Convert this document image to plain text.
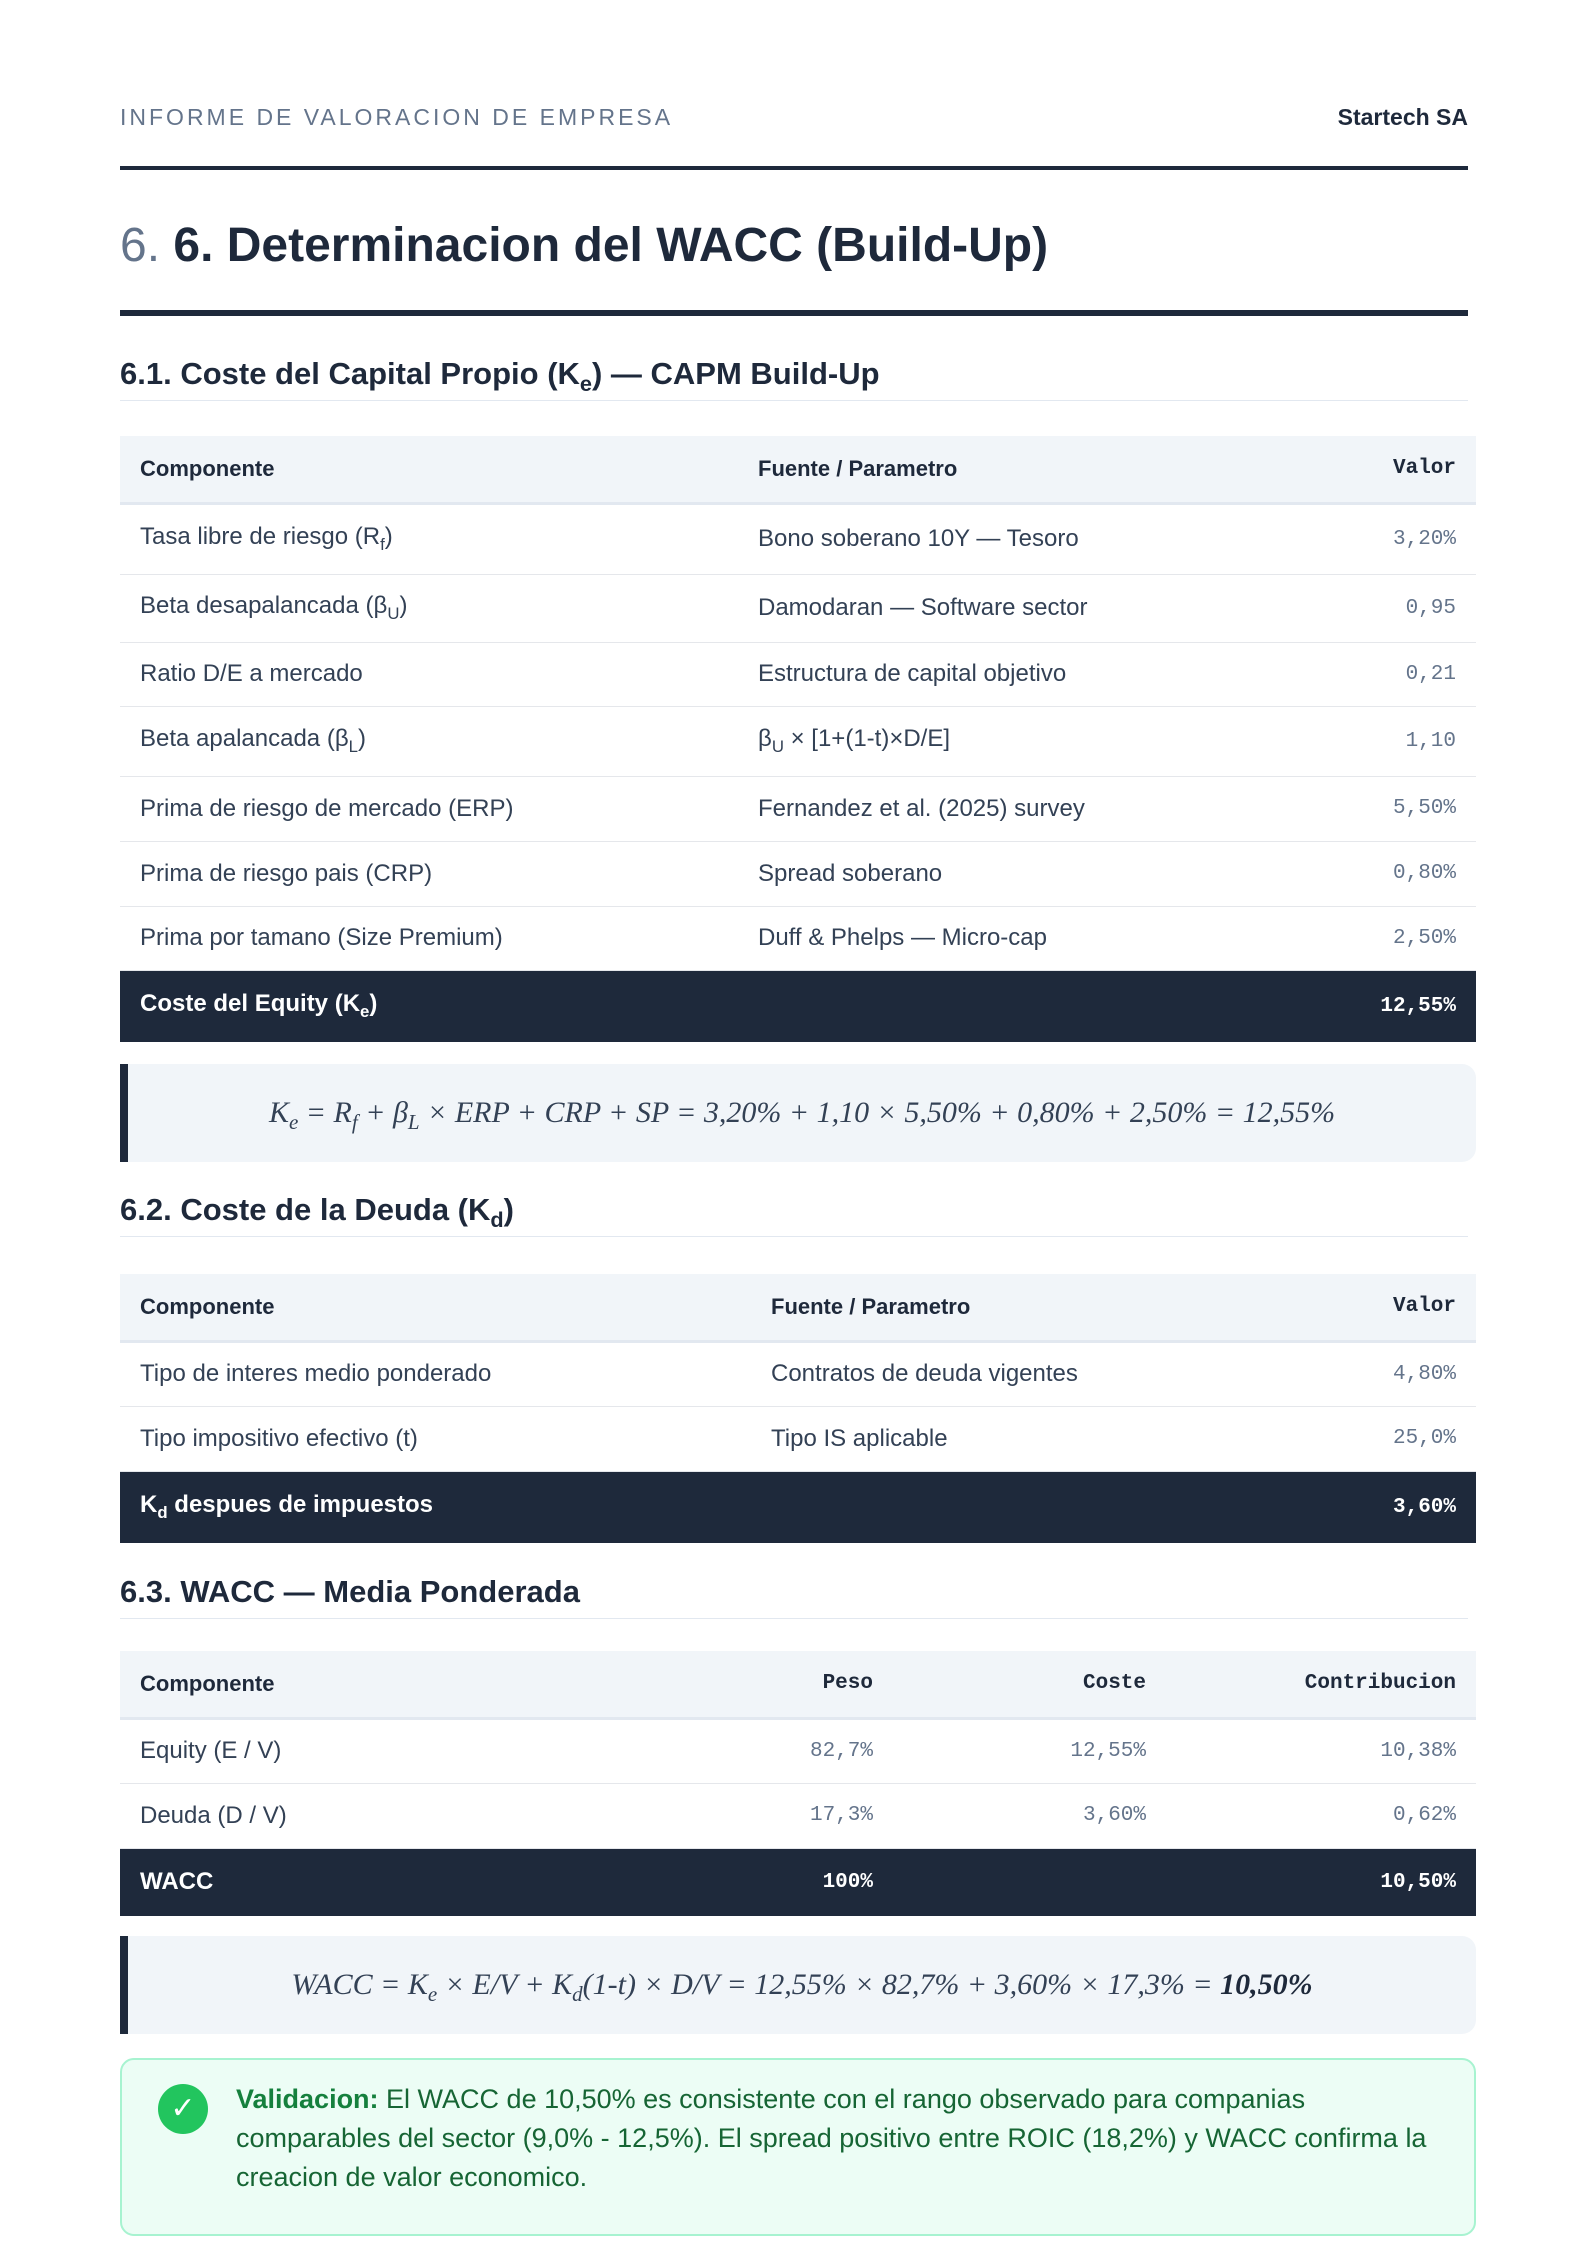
INFORME DE VALORACION DE EMPRESA	Startech SA
6. 6. Determinacion del WACC (Build-Up)
6.1. Coste del Capital Propio $(K_e)$ — CAPM Build-Up
Componente	Fuente / Parametro	Valor
Tasa libre de riesgo $(R_f)$	Bono soberano 10Y — Tesoro	3,20%
Beta desapalancada $(\beta_U)$	Damodaran — Software sector	0,95
Ratio D/E a mercado	Estructura de capital objetivo	0,21
Beta apalancada $(\beta_L)$	$\beta_U \times [1+(1-t)\times D/E]$	1,10
Prima de riesgo de mercado (ERP)	Fernandez et al. (2025) survey	5,50%
Prima de riesgo pais (CRP)	Spread soberano	0,80%
Prima por tamano (Size Premium)	Duff & Phelps — Micro-cap	2,50%
Coste del Equity $(K_e)$		12,55%
$K_e = R_f + \beta_L$ × ERP + CRP + SP = 3,20% + 1,10 × 5,50% + 0,80% + 2,50% = 12,55%
6.2. Coste de la Deuda $(K_d)$
Componente	Fuente / Parametro	Valor
Tipo de interes medio ponderado	Contratos de deuda vigentes	4,80%
Tipo impositivo efectivo (t)	Tipo IS aplicable	25,0%
$K_d$ despues de impuestos		3,60%
6.3. WACC — Media Ponderada
Componente	Peso	Coste	Contribucion
Equity (E / V)	82,7%	12,55%	10,38%
Deuda (D / V)	17,3%	3,60%	0,62%
WACC	100%		10,50%
WACC = $K_e \times E/V + K_d(1-t) \times D/V = 12,55\% \times 82,7\% + 3,60\% \times 17,3\% = 10,50\%$
✓	Validacion: El WACC de 10,50% es consistente con el rango observado para companias comparables del sector (9,0% - 12,5%). El spread positivo entre ROIC (18,2%) y WACC confirma la creacion de valor economico.
